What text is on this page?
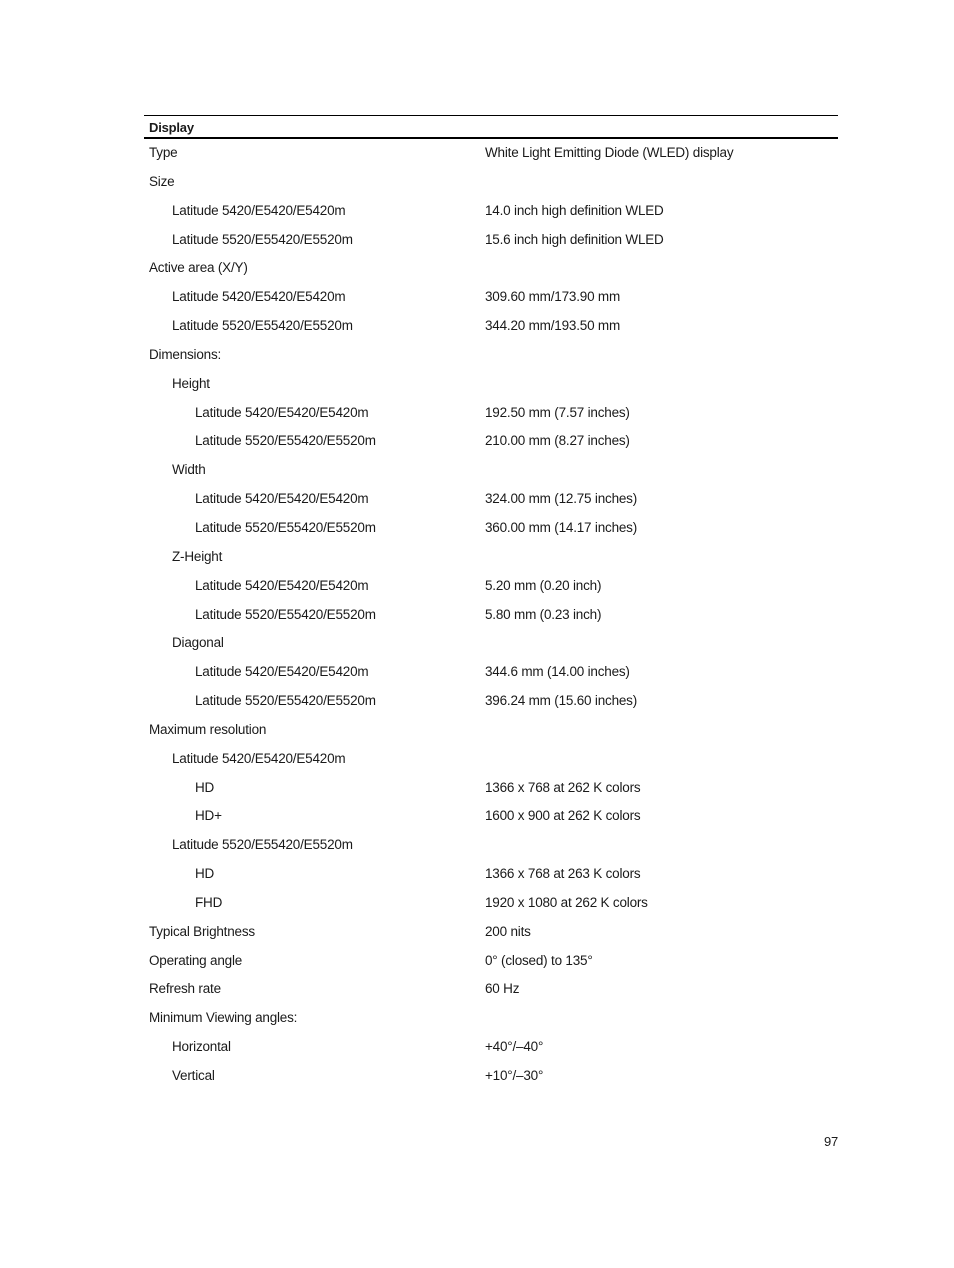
Display
Type	White Light Emitting Diode (WLED) display
Size
Latitude 5420/E5420/E5420m	14.0 inch high definition WLED
Latitude 5520/E55420/E5520m	15.6 inch high definition WLED
Active area (X/Y)
Latitude 5420/E5420/E5420m	309.60 mm/173.90 mm
Latitude 5520/E55420/E5520m	344.20 mm/193.50 mm
Dimensions:
Height
Latitude 5420/E5420/E5420m	192.50 mm (7.57 inches)
Latitude 5520/E55420/E5520m	210.00 mm (8.27 inches)
Width
Latitude 5420/E5420/E5420m	324.00 mm (12.75 inches)
Latitude 5520/E55420/E5520m	360.00 mm (14.17 inches)
Z-Height
Latitude 5420/E5420/E5420m	5.20 mm (0.20 inch)
Latitude 5520/E55420/E5520m	5.80 mm (0.23 inch)
Diagonal
Latitude 5420/E5420/E5420m	344.6 mm (14.00 inches)
Latitude 5520/E55420/E5520m	396.24 mm (15.60 inches)
Maximum resolution
Latitude 5420/E5420/E5420m
HD	1366 x 768 at 262 K colors
HD+	1600 x 900 at 262 K colors
Latitude 5520/E55420/E5520m
HD	1366 x 768 at 263 K colors
FHD	1920 x 1080 at 262 K colors
Typical Brightness	200 nits
Operating angle	0° (closed) to 135°
Refresh rate	60 Hz
Minimum Viewing angles:
Horizontal	+40°/–40°
Vertical	+10°/–30°
97
